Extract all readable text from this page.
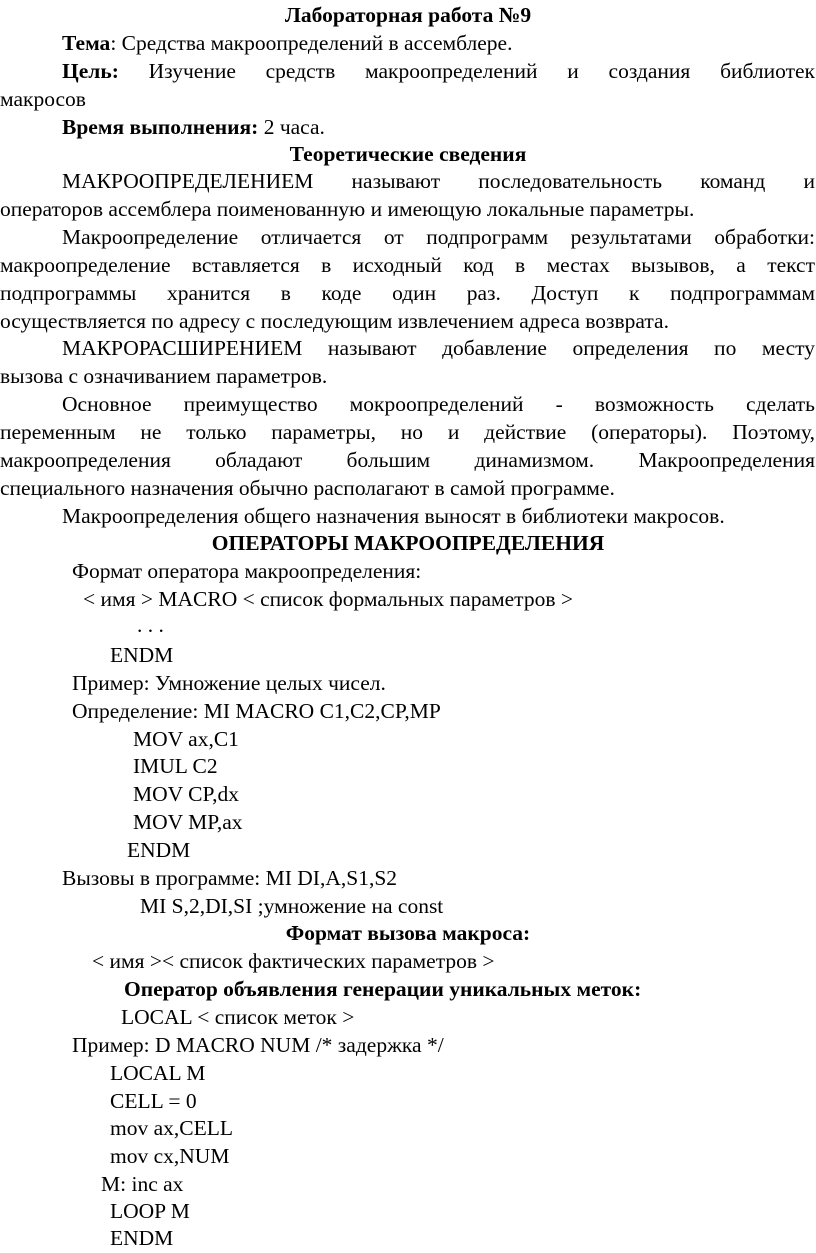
Лабораторная работа №9
Тема: Средства макроопределений в ассемблере.
Цель: Изучение средств макроопределений и создания библиотек
макросов
Время выполнения: 2 часа.
Теоретические сведения
МАКРООПРЕДЕЛЕНИЕМ называют последовательность команд и
операторов ассемблера поименованную и имеющую локальные параметры.
Макроопределение отличается от подпрограмм результатами обработки:
макроопределение вставляется в исходный код в местах вызывов, а текст
подпрограммы хранится в коде один раз. Доступ к подпрограммам
осуществляется по адресу с последующим извлечением адреса возврата.
МАКРОРАСШИРЕНИЕМ называют добавление определения по месту
вызова с означиванием параметров.
Основное преимущество мокроопределений - возможность сделать
переменным не только параметры, но и действие (операторы). Поэтому,
макроопределения обладают большим динамизмом. Макроопределения
специального назначения обычно располагают в самой программе.
Макроопределения общего назначения выносят в библиотеки макросов.
ОПЕРАТОРЫ МАКРООПРЕДЕЛЕНИЯ
Формат оператора макроопределения:
< имя > MACRO < список формальных параметров >
. . .
ENDM
Пример: Умножение целых чисел.
Определение: MI MACRO C1,C2,CP,MP
MOV ax,C1
IMUL C2
MOV CP,dx
MOV MP,ax
ENDM
Вызовы в программе: MI DI,A,S1,S2
MI S,2,DI,SI ;умножение на const
Формат вызова макроса:
< имя >< список фактических параметров >
Оператор объявления генерации уникальных меток:
LOCAL < список меток >
Пример: D MACRO NUM /* задержка */
LOCAL M
CELL = 0
mov ax,CELL
mov cx,NUM
M: inc ax
LOOP M
ENDM
